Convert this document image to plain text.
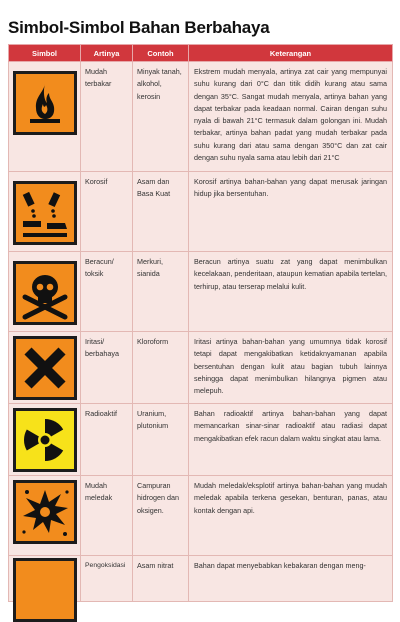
Simbol-Simbol Bahan Berbahaya
Simbol	Artinya	Contoh	Keterangan

	Mudah terbakar	Minyak tanah, alkohol, kerosin	Ekstrem mudah menyala, artinya zat cair yang mempunyai suhu kurang dari 0°C dan titik didih kurang atau sama dengan 35°C. Sangat mudah menyala, artinya bahan yang dapat terbakar pada keadaan normal. Cairan dengan suhu nyala di bawah 21°C termasuk dalam golongan ini. Mudah terbakar, artinya bahan padat yang mudah terbakar pada suhu kurang dari atau sama dengan 350°C dan zat cair dengan suhu nyala sama atau lebih dari 21°C

	Korosif	Asam dan Basa Kuat	Korosif artinya bahan-bahan yang dapat merusak jaringan hidup jika bersentuhan.

	Beracun/ toksik	Merkuri, sianida	Beracun artinya suatu zat yang dapat menimbulkan kecelakaan, penderitaan, ataupun kematian apabila tertelan, terhirup, atau terserap melalui kulit.

	Iritasi/ berbahaya	Kloroform	Iritasi artinya bahan-bahan yang umumnya tidak korosif tetapi dapat mengakibatkan ketidaknyamanan apabila bersentuhan dengan kulit atau bagian tubuh lainnya sehingga dapat menimbulkan hilangnya pigmen atau melepuh.

	Radioaktif	Uranium, plutonium	Bahan radioaktif artinya bahan-bahan yang dapat memancarkan sinar-sinar radioaktif atau radiasi dapat mengakibatkan efek racun dalam waktu singkat atau lama.

	Mudah meledak	Campuran hidrogen dan oksigen.	Mudah meledak/eksplotif artinya bahan-bahan yang mudah meledak apabila terkena gesekan, benturan, panas, atau kontak dengan api.

	Pengoksidasi	Asam nitrat	Bahan dapat menyebabkan kebakaran dengan meng-
